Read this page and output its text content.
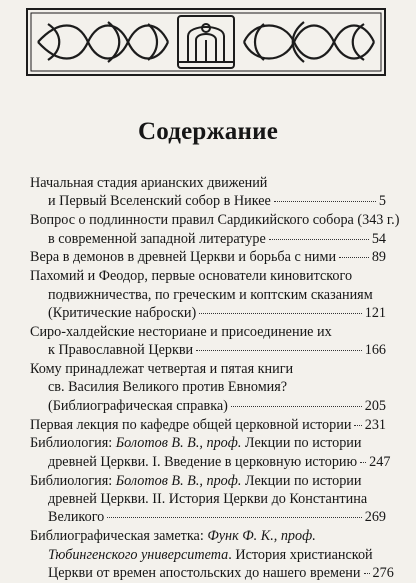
Содержание
Начальная стадия арианских движений
и Первый Вселенский собор в Никее	5
Вопрос о подлинности правил Сардикийского собора (343 г.)
в современной западной литературе	54
Вера в демонов в древней Церкви и борьба с ними	89
Пахомий и Феодор, первые основатели киновитского
подвижничества, по греческим и коптским сказаниям
(Критические наброски)	121
Сиро-халдейские несториане и присоединение их
к Православной Церкви	166
Кому принадлежат четвертая и пятая книги
св. Василия Великого против Евномия?
(Библиографическая справка)	205
Первая лекция по кафедре общей церковной истории 231
Библиология: Болотов В. В., проф. Лекции по истории
древней Церкви. I. Введение в церковную историю 247
Библиология: Болотов В. В., проф. Лекции по истории
древней Церкви. II. История Церкви до Константина
Великого	269
Библиографическая заметка: Функ Ф. К., проф.
Тюбингенского университета. История христианской
Церкви от времен апостольских до нашего времени 276
